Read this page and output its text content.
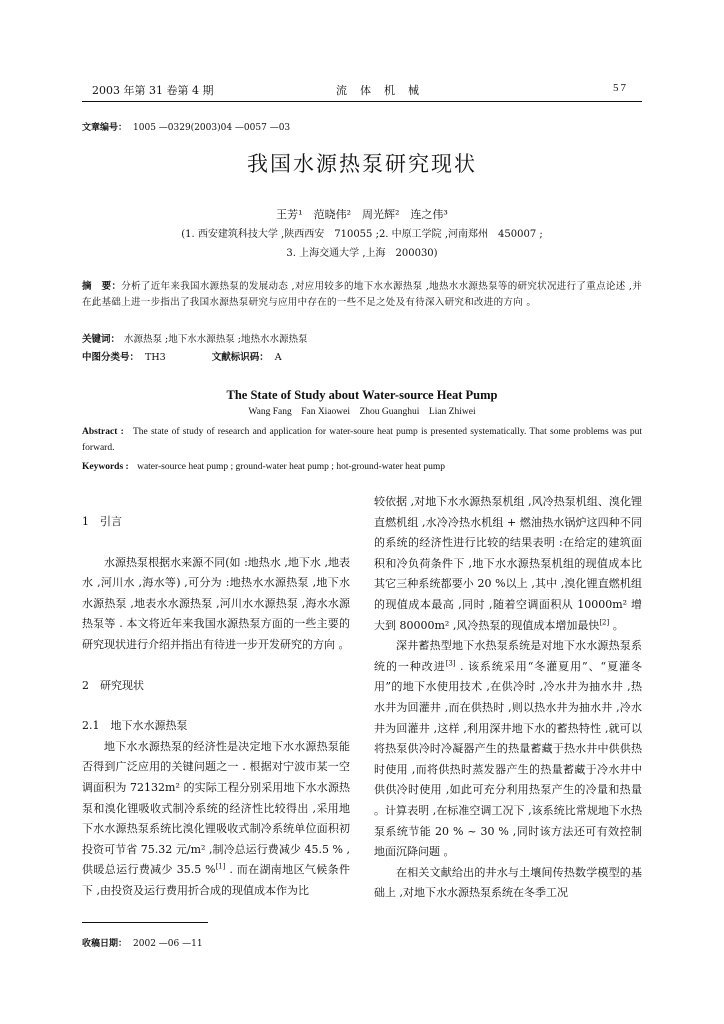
2003 年第 31 卷第 4 期	流　体　机　械	57
文章编号： 1005 —0329(2003)04 —0057 —03
我国水源热泵研究现状
王芳¹　范晓伟²　周光辉²　连之伟³
(1. 西安建筑科技大学 ,陕西西安　710055 ;2. 中原工学院 ,河南郑州　450007 ;
3. 上海交通大学 ,上海　200030)
摘　要：分析了近年来我国水源热泵的发展动态 ,对应用较多的地下水水源热泵 ,地热水水源热泵等的研究状况进行了重点论述 ,并在此基础上进一步指出了我国水源热泵研究与应用中存在的一些不足之处及有待深入研究和改进的方向 。
关键词： 水源热泵 ;地下水水源热泵 ;地热水水源热泵
中图分类号： TH3	文献标识码： A
The State of Study about Water-source Heat Pump
Wang Fang    Fan Xiaowei    Zhou Guanghui    Lian Zhiwei
Abstract : The state of study of research and application for water-soure heat pump is presented systematically. That some problems was put forward.
Keywords : water-source heat pump ; ground-water heat pump ; hot-ground-water heat pump
1　引言

水源热泵根据水来源不同(如 :地热水 ,地下水 ,地表水 ,河川水 ,海水等) ,可分为 :地热水水源热泵 ,地下水水源热泵 ,地表水水源热泵 ,河川水水源热泵 ,海水水源热泵等 . 本文将近年来我国水源热泵方面的一些主要的研究现状进行介绍并指出有待进一步开发研究的方向 。

2　研究现状
2.1　地下水水源热泵

地下水水源热泵的经济性是决定地下水水源热泵能否得到广泛应用的关键问题之一 . 根据对宁波市某一空调面积为 72132m² 的实际工程分别采用地下水水源热泵和溴化锂吸收式制冷系统的经济性比较得出 ,采用地下水水源热泵系统比溴化锂吸收式制冷系统单位面积初投资可节省 75.32 元/m² ,制冷总运行费减少 45.5 % ,供暖总运行费减少 35.5 %[1] . 而在湖南地区气候条件下 ,由投资及运行费用折合成的现值成本作为比

较依据 ,对地下水水源热泵机组 ,风冷热泵机组、溴化锂直燃机组 ,水冷冷热水机组 + 燃油热水锅炉这四种不同的系统的经济性进行比较的结果表明 :在给定的建筑面积和冷负荷条件下 ,地下水水源热泵机组的现值成本比其它三种系统都要小 20 %以上 ,其中 ,溴化锂直燃机组的现值成本最高 ,同时 ,随着空调面积从 10000m² 增大到 80000m² ,风冷热泵的现值成本增加最快[2] 。

深井蓄热型地下水热泵系统是对地下水水源热泵系统的一种改进[3] . 该系统采用“冬灌夏用”、“夏灌冬用”的地下水使用技术 ,在供冷时 ,冷水井为抽水井 ,热水井为回灌井 ,而在供热时 ,则以热水井为抽水井 ,冷水井为回灌井 ,这样 ,利用深井地下水的蓄热特性 ,就可以将热泵供冷时冷凝器产生的热量蓄藏于热水井中供供热时使用 ,而将供热时蒸发器产生的热量蓄藏于冷水井中供供冷时使用 ,如此可充分利用热泵产生的冷量和热量 。计算表明 ,在标准空调工况下 ,该系统比常规地下水热泵系统节能 20 % ~ 30 % ,同时该方法还可有效控制地面沉降问题 。

在相关文献给出的井水与土壤间传热数学模型的基础上 ,对地下水水源热泵系统在冬季工况

收稿日期： 2002 —06 —11
